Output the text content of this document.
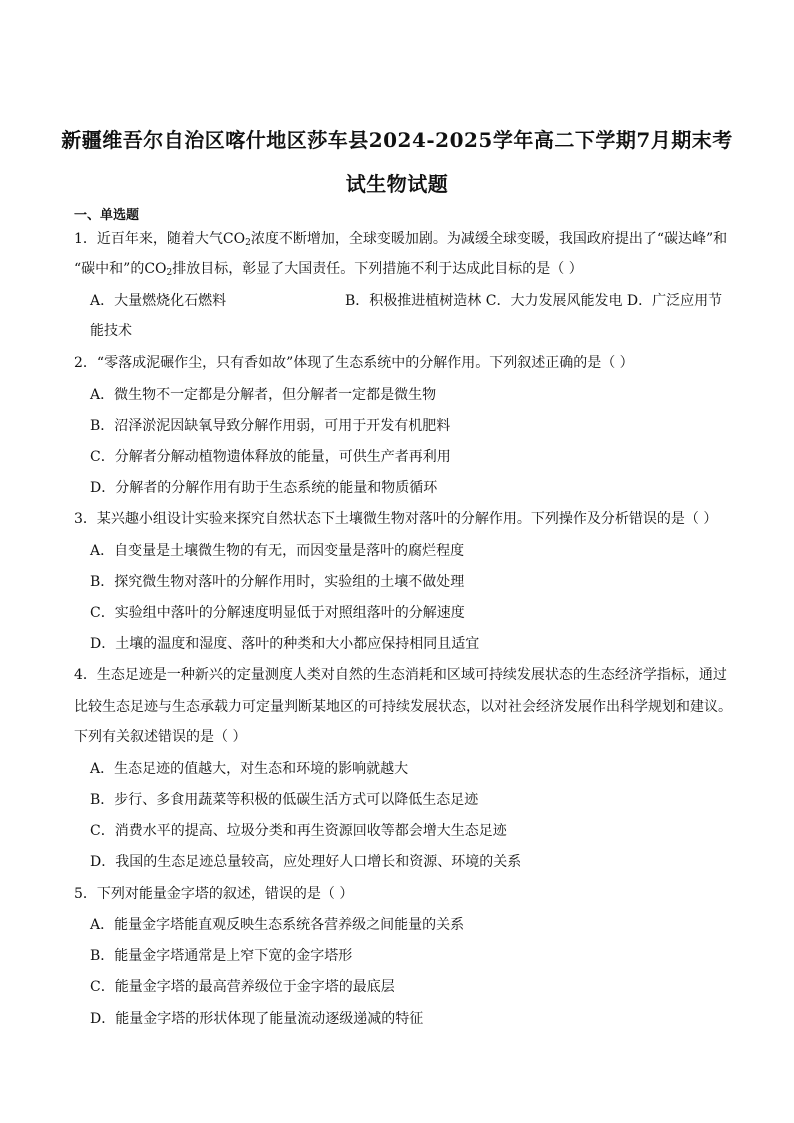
新疆维吾尔自治区喀什地区莎车县2024-2025学年高二下学期7月期末考
试生物试题
一、单选题
1．近百年来，随着大气$CO_2$浓度不断增加，全球变暖加剧。为减缓全球变暖，我国政府提出了“碳达峰”和
“碳中和”的$CO_2$排放目标，彰显了大国责任。下列措施不利于达成此目标的是（ ）
A．大量燃烧化石燃料	B．积极推进植树造林 C．大力发展风能发电 D．广泛应用节
能技术
2．“零落成泥碾作尘，只有香如故”体现了生态系统中的分解作用。下列叙述正确的是（ ）
A．微生物不一定都是分解者，但分解者一定都是微生物
B．沼泽淤泥因缺氧导致分解作用弱，可用于开发有机肥料
C．分解者分解动植物遗体释放的能量，可供生产者再利用
D．分解者的分解作用有助于生态系统的能量和物质循环
3．某兴趣小组设计实验来探究自然状态下土壤微生物对落叶的分解作用。下列操作及分析错误的是（ ）
A．自变量是土壤微生物的有无，而因变量是落叶的腐烂程度
B．探究微生物对落叶的分解作用时，实验组的土壤不做处理
C．实验组中落叶的分解速度明显低于对照组落叶的分解速度
D．土壤的温度和湿度、落叶的种类和大小都应保持相同且适宜
4．生态足迹是一种新兴的定量测度人类对自然的生态消耗和区域可持续发展状态的生态经济学指标，通过
比较生态足迹与生态承载力可定量判断某地区的可持续发展状态，以对社会经济发展作出科学规划和建议。
下列有关叙述错误的是（ ）
A．生态足迹的值越大，对生态和环境的影响就越大
B．步行、多食用蔬菜等积极的低碳生活方式可以降低生态足迹
C．消费水平的提高、垃圾分类和再生资源回收等都会增大生态足迹
D．我国的生态足迹总量较高，应处理好人口增长和资源、环境的关系
5．下列对能量金字塔的叙述，错误的是（ ）
A．能量金字塔能直观反映生态系统各营养级之间能量的关系
B．能量金字塔通常是上窄下宽的金字塔形
C．能量金字塔的最高营养级位于金字塔的最底层
D．能量金字塔的形状体现了能量流动逐级递减的特征
